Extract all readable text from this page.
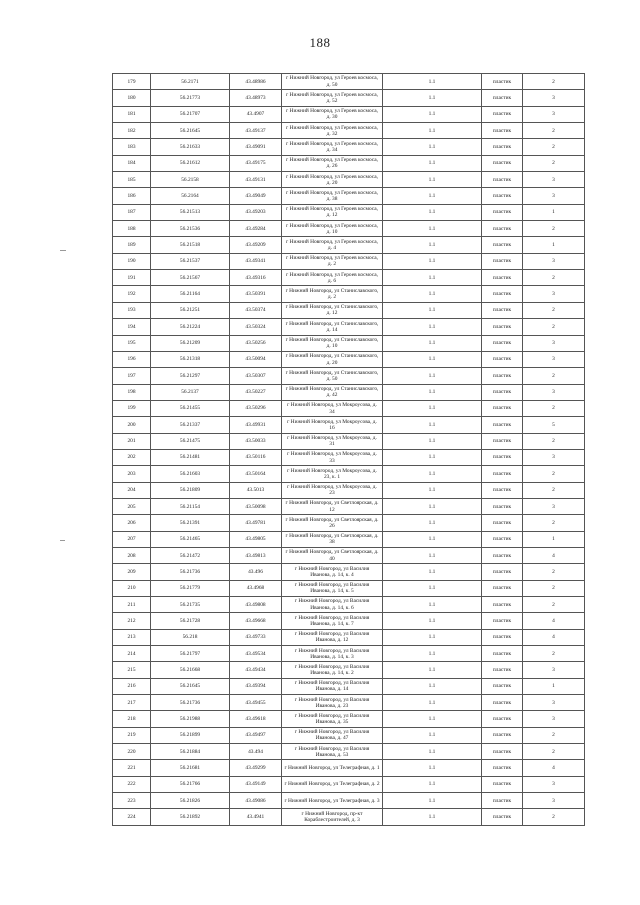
188
179	56.2171	43.48986	г Нижний Новгород, ул Героев космоса, д. 50	1.1	пластик	2
180	56.21773	43.48973	г Нижний Новгород, ул Героев космоса, д. 52	1.1	пластик	3
181	56.21707	43.4907	г Нижний Новгород, ул Героев космоса, д. 30	1.1	пластик	3
182	56.21645	43.49137	г Нижний Новгород, ул Героев космоса, д. 32	1.1	пластик	2
183	56.21633	43.49091	г Нижний Новгород, ул Героев космоса, д. 34	1.1	пластик	2
184	56.21612	43.49175	г Нижний Новгород, ул Героев космоса, д. 26	1.1	пластик	2
185	56.2158	43.49131	г Нижний Новгород, ул Героев космоса, д. 20	1.1	пластик	3
186	56.2164	43.49049	г Нижний Новгород, ул Героев космоса, д. 38	1.1	пластик	3
187	56.21513	43.49203	г Нижний Новгород, ул Героев космоса, д. 12	1.1	пластик	1
188	56.21536	43.49284	г Нижний Новгород, ул Героев космоса, д. 10	1.1	пластик	2
189	56.21518	43.49209	г Нижний Новгород, ул Героев космоса, д. 4	1.1	пластик	1
190	56.21537	43.49341	г Нижний Новгород, ул Героев космоса, д. 2	1.1	пластик	3
191	56.21567	43.49316	г Нижний Новгород, ул Героев космоса, д. 6	1.1	пластик	2
192	56.21164	43.50391	г Нижний Новгород, ул Станиславского, д. 2	1.1	пластик	3
193	56.21251	43.50374	г Нижний Новгород, ул Станиславского, д. 12	1.1	пластик	2
194	56.21224	43.50324	г Нижний Новгород, ул Станиславского, д. 14	1.1	пластик	2
195	56.21209	43.50256	г Нижний Новгород, ул Станиславского, д. 10	1.1	пластик	3
196	56.21318	43.50094	г Нижний Новгород, ул Станиславского, д. 20	1.1	пластик	3
197	56.21297	43.50307	г Нижний Новгород, ул Станиславского, д. 50	1.1	пластик	2
198	56.2137	43.50227	г Нижний Новгород, ул Станиславского, д. 42	1.1	пластик	3
199	56.21455	43.50296	г Нижний Новгород, ул Мокроусова, д. 34	1.1	пластик	2
200	56.21337	43.49931	г Нижний Новгород, ул Мокроусова, д. 16	1.1	пластик	5
201	56.21475	43.50033	г Нижний Новгород, ул Мокроусова, д. 31	1.1	пластик	2
202	56.21481	43.50116	г Нижний Новгород, ул Мокроусова, д. 33	1.1	пластик	3
203	56.21603	43.50164	г Нижний Новгород, ул Мокроусова, д. 23, к. 1	1.1	пластик	2
204	56.21809	43.5013	г Нижний Новгород, ул Мокроусова, д. 23	1.1	пластик	2
205	56.21154	43.50098	г Нижний Новгород, ул Светлоярская, д. 12	1.1	пластик	3
206	56.21391	43.49781	г Нижний Новгород, ул Светлоярская, д. 26	1.1	пластик	2
207	56.21465	43.49805	г Нижний Новгород, ул Светлоярская, д. 38	1.1	пластик	1
208	56.21472	43.49813	г Нижний Новгород, ул Светлоярская, д. 40	1.1	пластик	4
209	56.21736	43.496	г Нижний Новгород, ул Василия Иванова, д. 14, к. 4	1.1	пластик	2
210	56.21779	43.4968	г Нижний Новгород, ул Василия Иванова, д. 14, к. 5	1.1	пластик	2
211	56.21735	43.49808	г Нижний Новгород, ул Василия Иванова, д. 14, к. 6	1.1	пластик	2
212	56.21728	43.49668	г Нижний Новгород, ул Василия Иванова, д. 14, к. 7	1.1	пластик	4
213	56.218	43.49733	г Нижний Новгород, ул Василия Иванова, д. 12	1.1	пластик	4
214	56.21797	43.49534	г Нижний Новгород, ул Василия Иванова, д. 14, к. 3	1.1	пластик	2
215	56.21668	43.49434	г Нижний Новгород, ул Василия Иванова, д. 14, к. 2	1.1	пластик	3
216	56.21645	43.49394	г Нижний Новгород, ул Василия Иванова, д. 14	1.1	пластик	1
217	56.21736	43.49455	г Нижний Новгород, ул Василия Иванова, д. 23	1.1	пластик	3
218	56.21988	43.49618	г Нижний Новгород, ул Василия Иванова, д. 35	1.1	пластик	3
219	56.21899	43.49497	г Нижний Новгород, ул Василия Иванова, д. 47	1.1	пластик	2
220	56.21884	43.494	г Нижний Новгород, ул Василия Иванова, д. 53	1.1	пластик	2
221	56.21681	43.49299	г Нижний Новгород, ул Телеграфная, д. 1	1.1	пластик	4
222	56.21766	43.49149	г Нижний Новгород, ул Телеграфная, д. 2	1.1	пластик	3
223	56.21826	43.49086	г Нижний Новгород, ул Телеграфная, д. 3	1.1	пластик	3
224	56.21892	43.4941	г Нижний Новгород, пр-кт Кораблестроителей, д. 3	1.1	пластик	2
